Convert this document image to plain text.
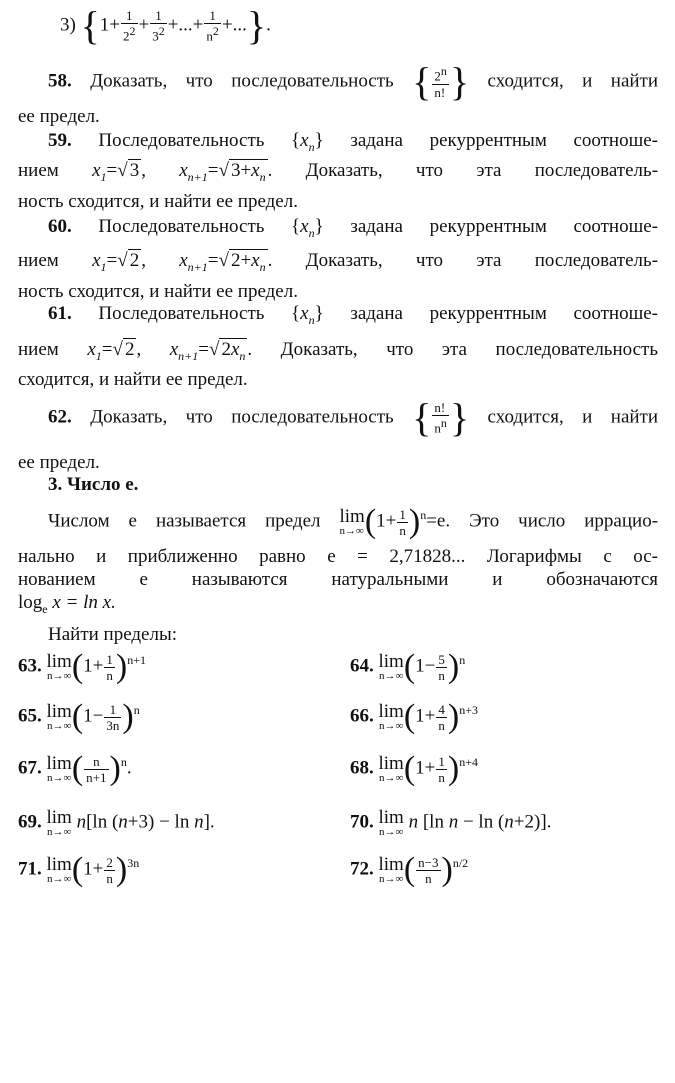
3) {$1+ \frac{1}{22} + \frac{1}{32}$ +...+ $\frac{1}{n2}$ +...}.
58. Доказать, что последовательность { $\frac{2n}{n!}$ } сходится, и найти
ее предел.
59. Последовательность $\{x_n\}$ задана рекуррентным соотноше-
нием $x_1=√$ 3 , $x_{n+1}=√$ $3+x_n$ . Доказать, что эта последователь-
ность сходится, и найти ее предел.
60. Последовательность $\{x_n\}$ задана рекуррентным соотноше-
нием $x_1=√$ 2 , $x_{n+1}=√$ $2+x_n$ . Доказать, что эта последователь-
ность сходится, и найти ее предел.
61. Последовательность $\{x_n\}$ задана рекуррентным соотноше-
нием $x_1=√$ 2 , $x_{n+1}=√$ $2x_n$ . Доказать, что эта последовательность
сходится, и найти ее предел.
62. Доказать, что последовательность { $\frac{n!}{nn}$ } сходится, и найти
ее предел.
3. Число e.
Числом e называется предел lim
n→∞ $(1+ \frac{1}{n} )^n=e$. Это число иррацио-
нально и приближенно равно e = 2,71828... Логарифмы с ос-
нованием e называются натуральными и обозначаются
$\log_e x = \ln x$.
Найти пределы:
63. lim
n→∞ $(1+ \frac{1}{n} )^{n+1}$	64. lim
n→∞ $(1- \frac{5}{n} )^n$
65. lim
n→∞ $(1- \frac{1}{3n} )^n$	66. lim
n→∞ $(1+ \frac{4}{n} )^{n+3}$
67. lim
n→∞ ( $\frac{n}{n+1} )^n$.	68. lim
n→∞ $(1+ \frac{1}{n} )^{n+4}$
69. lim
n→∞ n[ln (n+3) − ln n].	70. lim
n→∞ n [ln n − ln (n+2)].
71. lim
n→∞ $(1+ \frac{2}{n} )^{3n}$	72. lim
n→∞ ( $\frac{n-3}{n} )^{n/2}$
